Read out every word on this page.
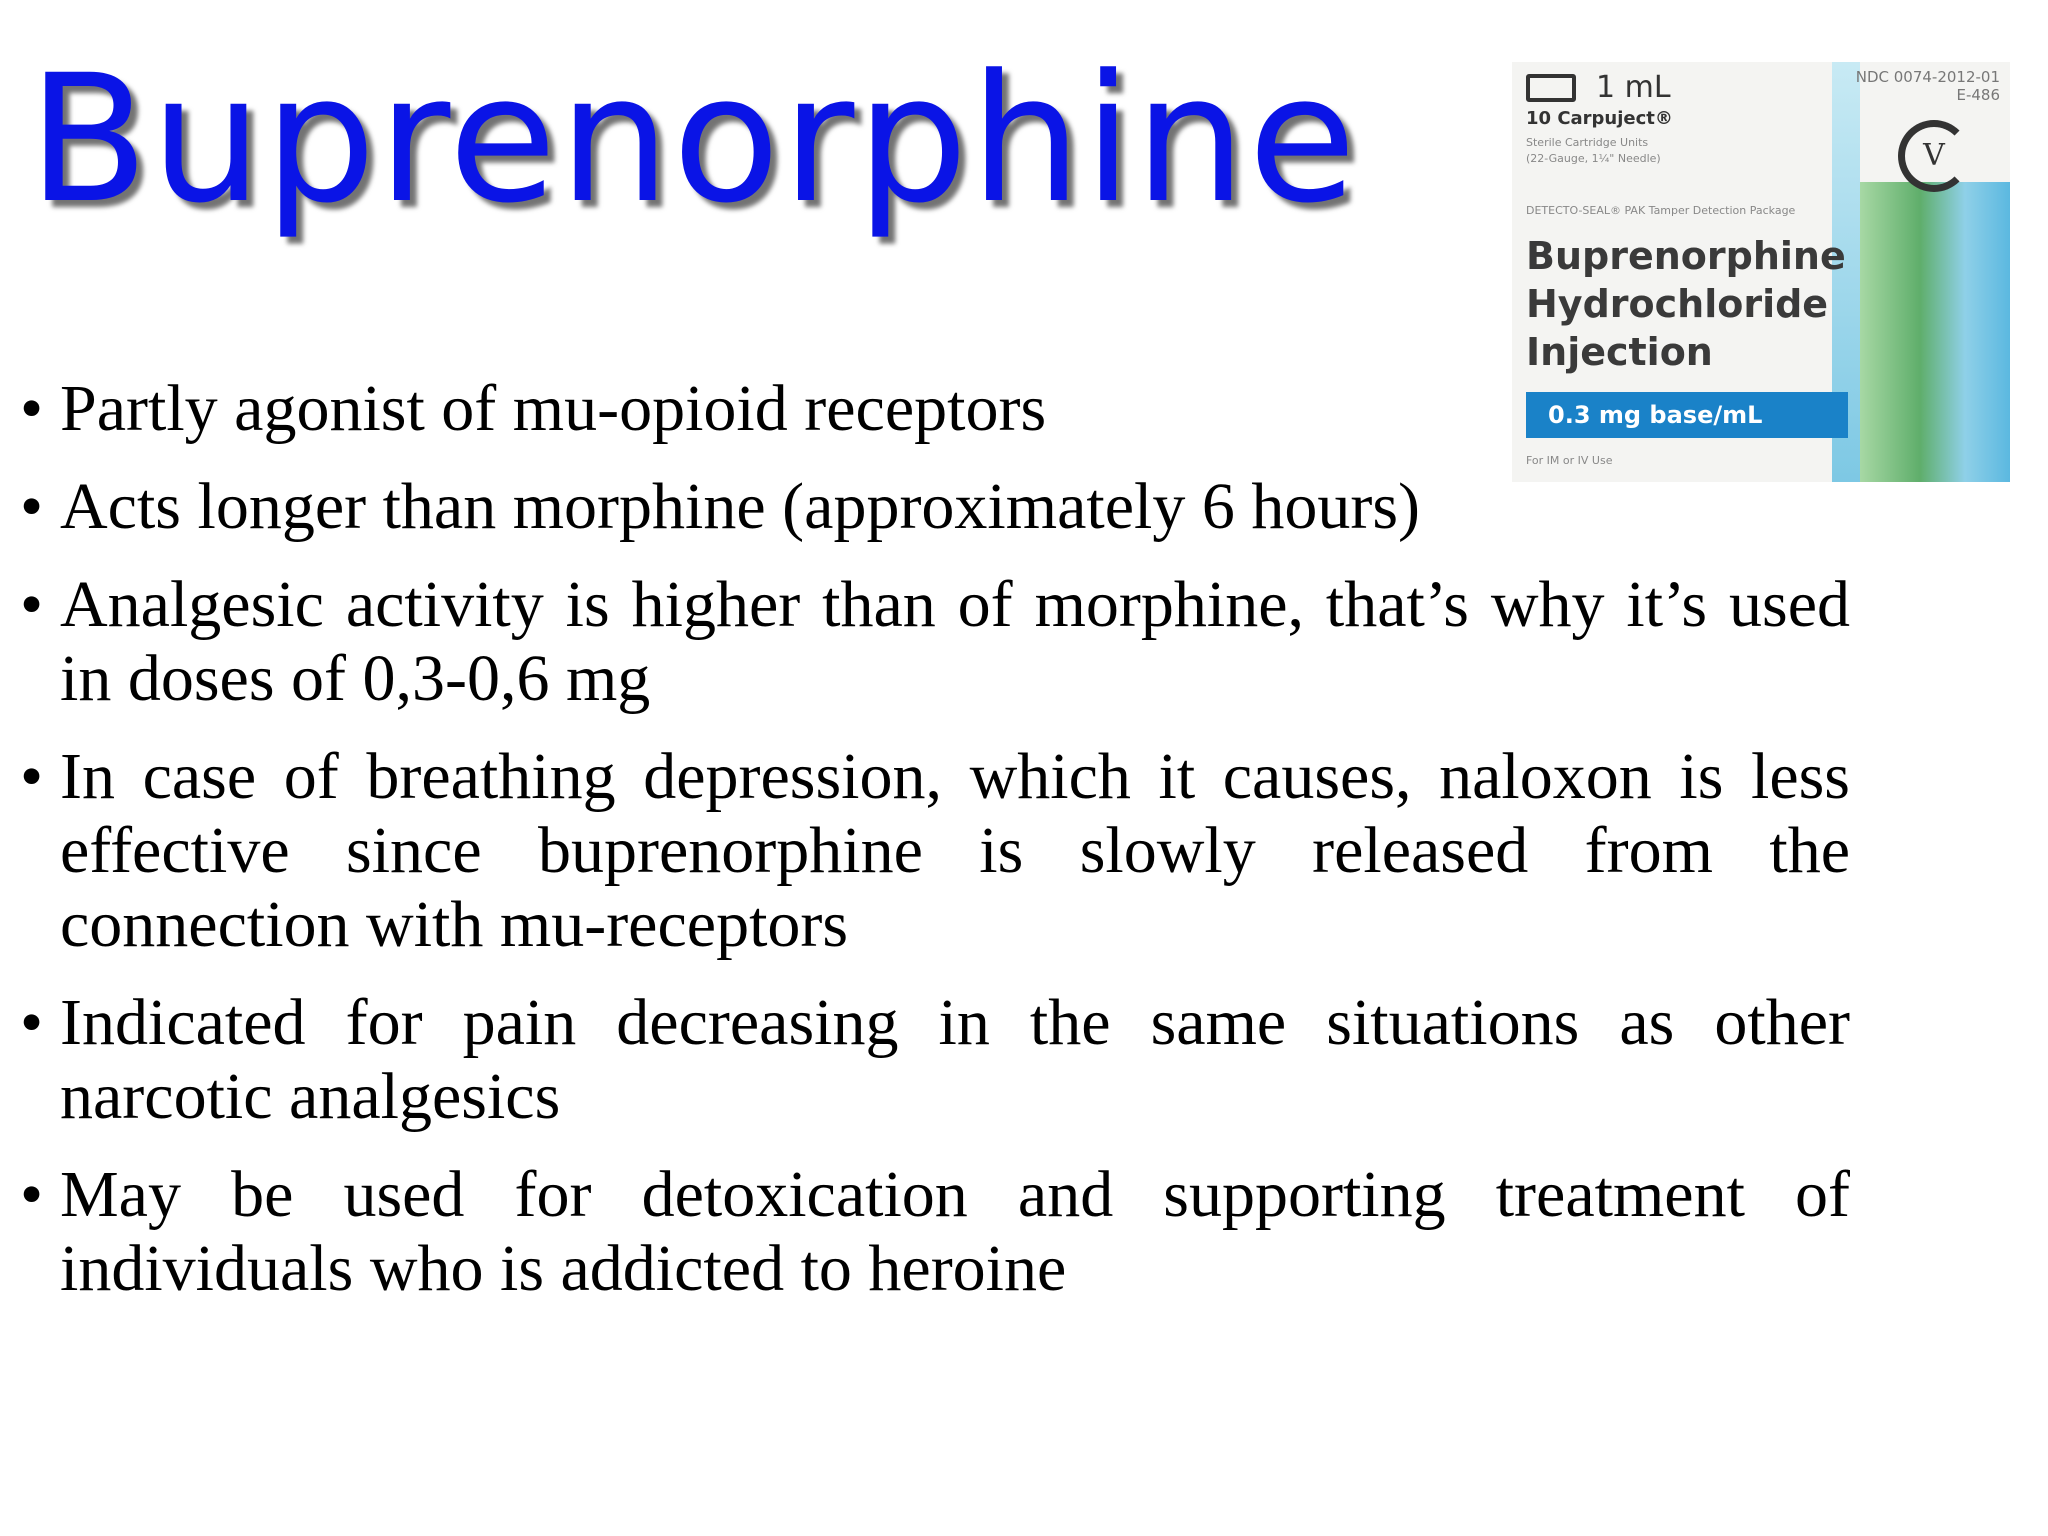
Buprenorphine	1 mL	NDC 0074-2012-01
E-486
10 Carpuject®
Sterile Cartridge Units
(22-Gauge, 1¼" Needle)
DETECTO-SEAL® PAK Tamper Detection Package
V
Buprenorphine
Hydrochloride
Injection
0.3 mg base/mL
For IM or IV Use
• Partly agonist of mu-opioid receptors
• Acts longer than morphine (approximately 6 hours)
• Analgesic activity is higher than of morphine, that’s why it’s used in doses of 0,3-0,6 mg
• In case of breathing depression, which it causes, naloxon is less effective since buprenorphine is slowly released from the connection with mu-receptors
• Indicated for pain decreasing in the same situations as other narcotic analgesics
• May be used for detoxication and supporting treatment of individuals who is addicted to heroine
